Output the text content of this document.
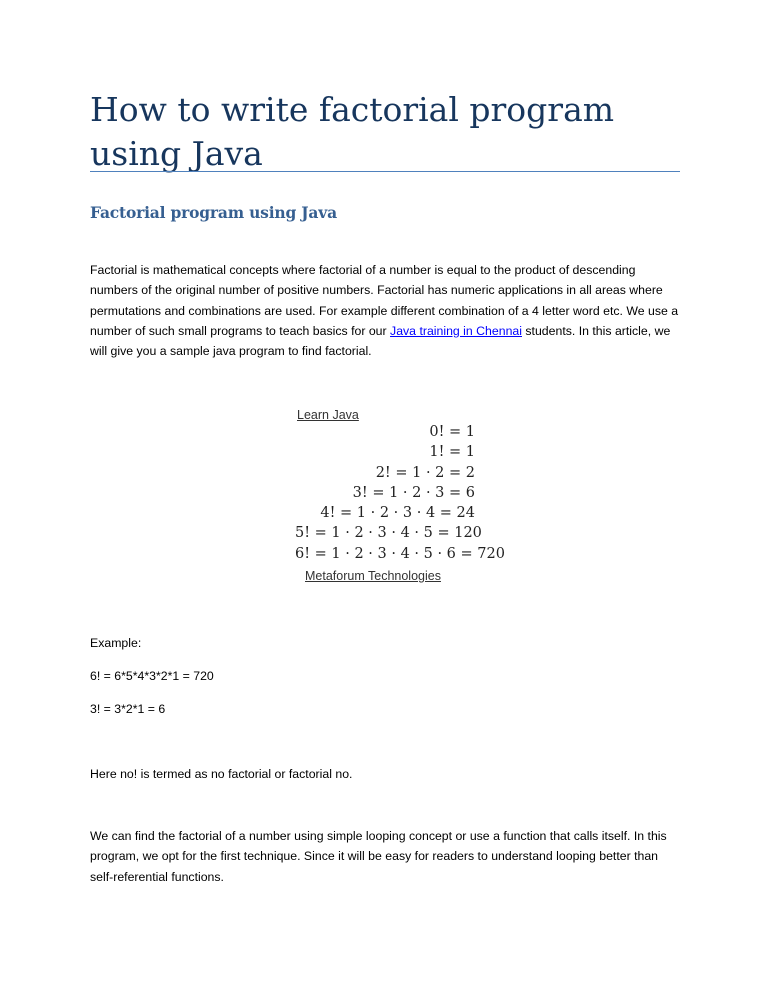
How to write factorial program using Java
Factorial program using Java

Factorial is mathematical concepts where factorial of a number is equal to the product of descending numbers of the original number of positive numbers. Factorial has numeric applications in all areas where permutations and combinations are used. For example different combination of a 4 letter word etc. We use a number of such small programs to teach basics for our Java training in Chennai students. In this article, we will give you a sample java program to find factorial.

Learn Java
0! = 1
1! = 1
2! = 1 · 2 = 2
3! = 1 · 2 · 3 = 6
4! = 1 · 2 · 3 · 4 = 24
5! = 1 · 2 · 3 · 4 · 5 = 120
6! = 1 · 2 · 3 · 4 · 5 · 6 = 720
Metaforum Technologies

Example:

6! = 6*5*4*3*2*1 = 720

3! = 3*2*1 = 6

Here no! is termed as no factorial or factorial no.

We can find the factorial of a number using simple looping concept or use a function that calls itself. In this program, we opt for the first technique. Since it will be easy for readers to understand looping better than self-referential functions.
